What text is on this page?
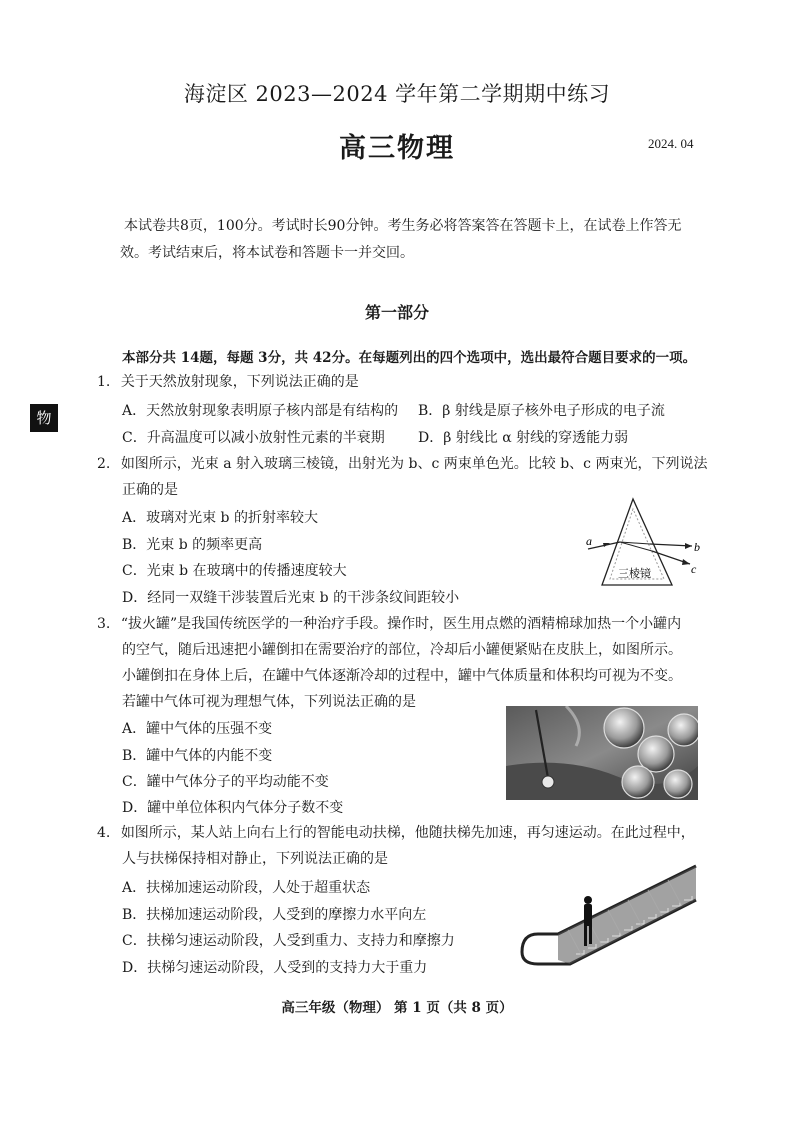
海淀区 2023—2024 学年第二学期期中练习
高三物理	2024. 04
本试卷共8页，100分。考试时长90分钟。考生务必将答案答在答题卡上，在试卷上作答无
效。考试结束后，将本试卷和答题卡一并交回。
第一部分
本部分共 14题，每题 3分，共 42分。在每题列出的四个选项中，选出最符合题目要求的一项。
物
1. 关于天然放射现象，下列说法正确的是
A．天然放射现象表明原子核内部是有结构的 B．β 射线是原子核外电子形成的电子流
C．升高温度可以减小放射性元素的半衰期 D．β 射线比 α 射线的穿透能力弱
2. 如图所示，光束 a 射入玻璃三棱镜，出射光为 b、c 两束单色光。比较 b、c 两束光，下列说法
正确的是
A．玻璃对光束 b 的折射率较大
B．光束 b 的频率更高
C．光束 b 在玻璃中的传播速度较大
D．经同一双缝干涉装置后光束 b 的干涉条纹间距较小
a	b
c
三棱镜
3. “拔火罐”是我国传统医学的一种治疗手段。操作时，医生用点燃的酒精棉球加热一个小罐内
的空气，随后迅速把小罐倒扣在需要治疗的部位，冷却后小罐便紧贴在皮肤上，如图所示。
小罐倒扣在身体上后，在罐中气体逐渐冷却的过程中，罐中气体质量和体积均可视为不变。
若罐中气体可视为理想气体，下列说法正确的是
A．罐中气体的压强不变
B．罐中气体的内能不变
C．罐中气体分子的平均动能不变
D．罐中单位体积内气体分子数不变
4. 如图所示，某人站上向右上行的智能电动扶梯，他随扶梯先加速，再匀速运动。在此过程中，
人与扶梯保持相对静止，下列说法正确的是
A．扶梯加速运动阶段，人处于超重状态
B．扶梯加速运动阶段，人受到的摩擦力水平向左
C．扶梯匀速运动阶段，人受到重力、支持力和摩擦力
D．扶梯匀速运动阶段，人受到的支持力大于重力
高三年级（物理） 第 1 页（共 8 页）
